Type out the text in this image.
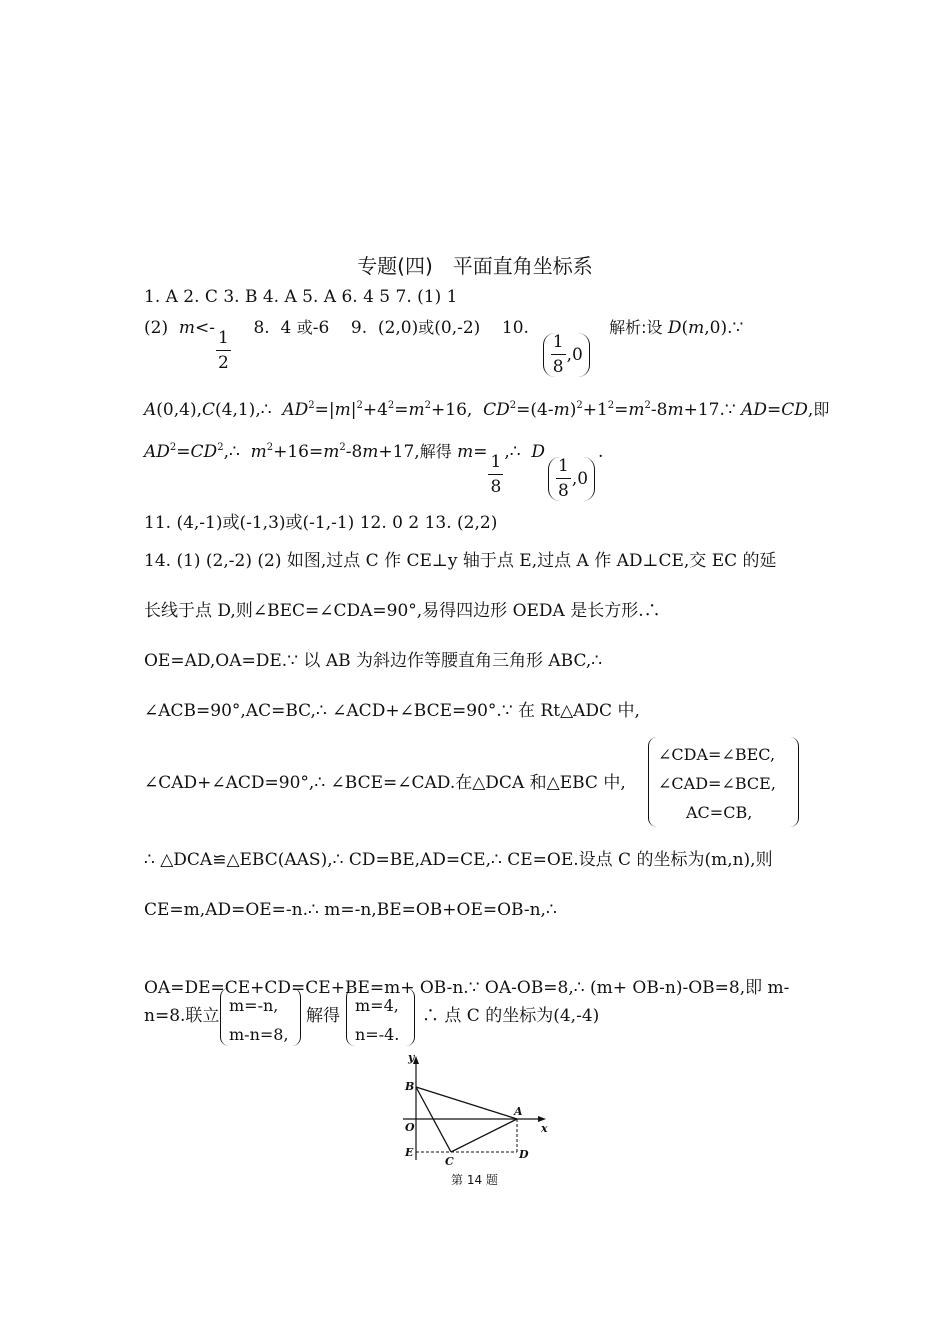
专题(四)　平面直角坐标系
1. A 2. C 3. B 4. A 5. A 6. 4 5 7. (1) 1
(2)  m<-
$\frac{1}{2}$
8.  4 或-6    9.  (2,0)或(0,-2)    10.
$\frac{1}{8} ,0$   解析:设 D(m,0).∵
A(0,4),C(4,1),∴  $AD^2=|m|^2+4^2=m^2+16$,  $CD^2=(4-m)^2+1^2=m^2-8m+17.\because$ AD=CD,即
$AD^2=CD^2,\therefore$  $m^2+16=m^2-8m+17$,解得 m=
$\frac{1}{8}$
,∴  D
$\frac{1}{8} ,0$.
11. (4,-1)或(-1,3)或(-1,-1) 12. 0 2 13. (2,2)
14. (1) (2,-2) (2) 如图,过点 C 作 CE⊥y 轴于点 E,过点 A 作 AD⊥CE,交 EC 的延
长线于点 D,则∠BEC=∠CDA=90°,易得四边形 OEDA 是长方形.∴
OE=AD,OA=DE.∵ 以 AB 为斜边作等腰直角三角形 ABC,∴
∠ACB=90°,AC=BC,∴ ∠ACD+∠BCE=90°.∵ 在 Rt△ADC 中,
∠CAD+∠ACD=90°,∴ ∠BCE=∠CAD.在△DCA 和△EBC 中,
∠CDA=∠BEC,
∠CAD=∠BCE,
AC=CB,
∴ △DCA≌△EBC(AAS),∴ CD=BE,AD=CE,∴ CE=OE.设点 C 的坐标为(m,n),则
CE=m,AD=OE=-n.∴ m=-n,BE=OB+OE=OB-n,∴
OA=DE=CE+CD=CE+BE=m+ OB-n.∵ OA-OB=8,∴ (m+ OB-n)-OB=8,即 m-
n=8.联立
m=-n,
m-n=8,
解得
m=4,
n=-4.
∴ 点 C 的坐标为(4,-4)
y
x
B
O
A
E
C
D
第 14 题
